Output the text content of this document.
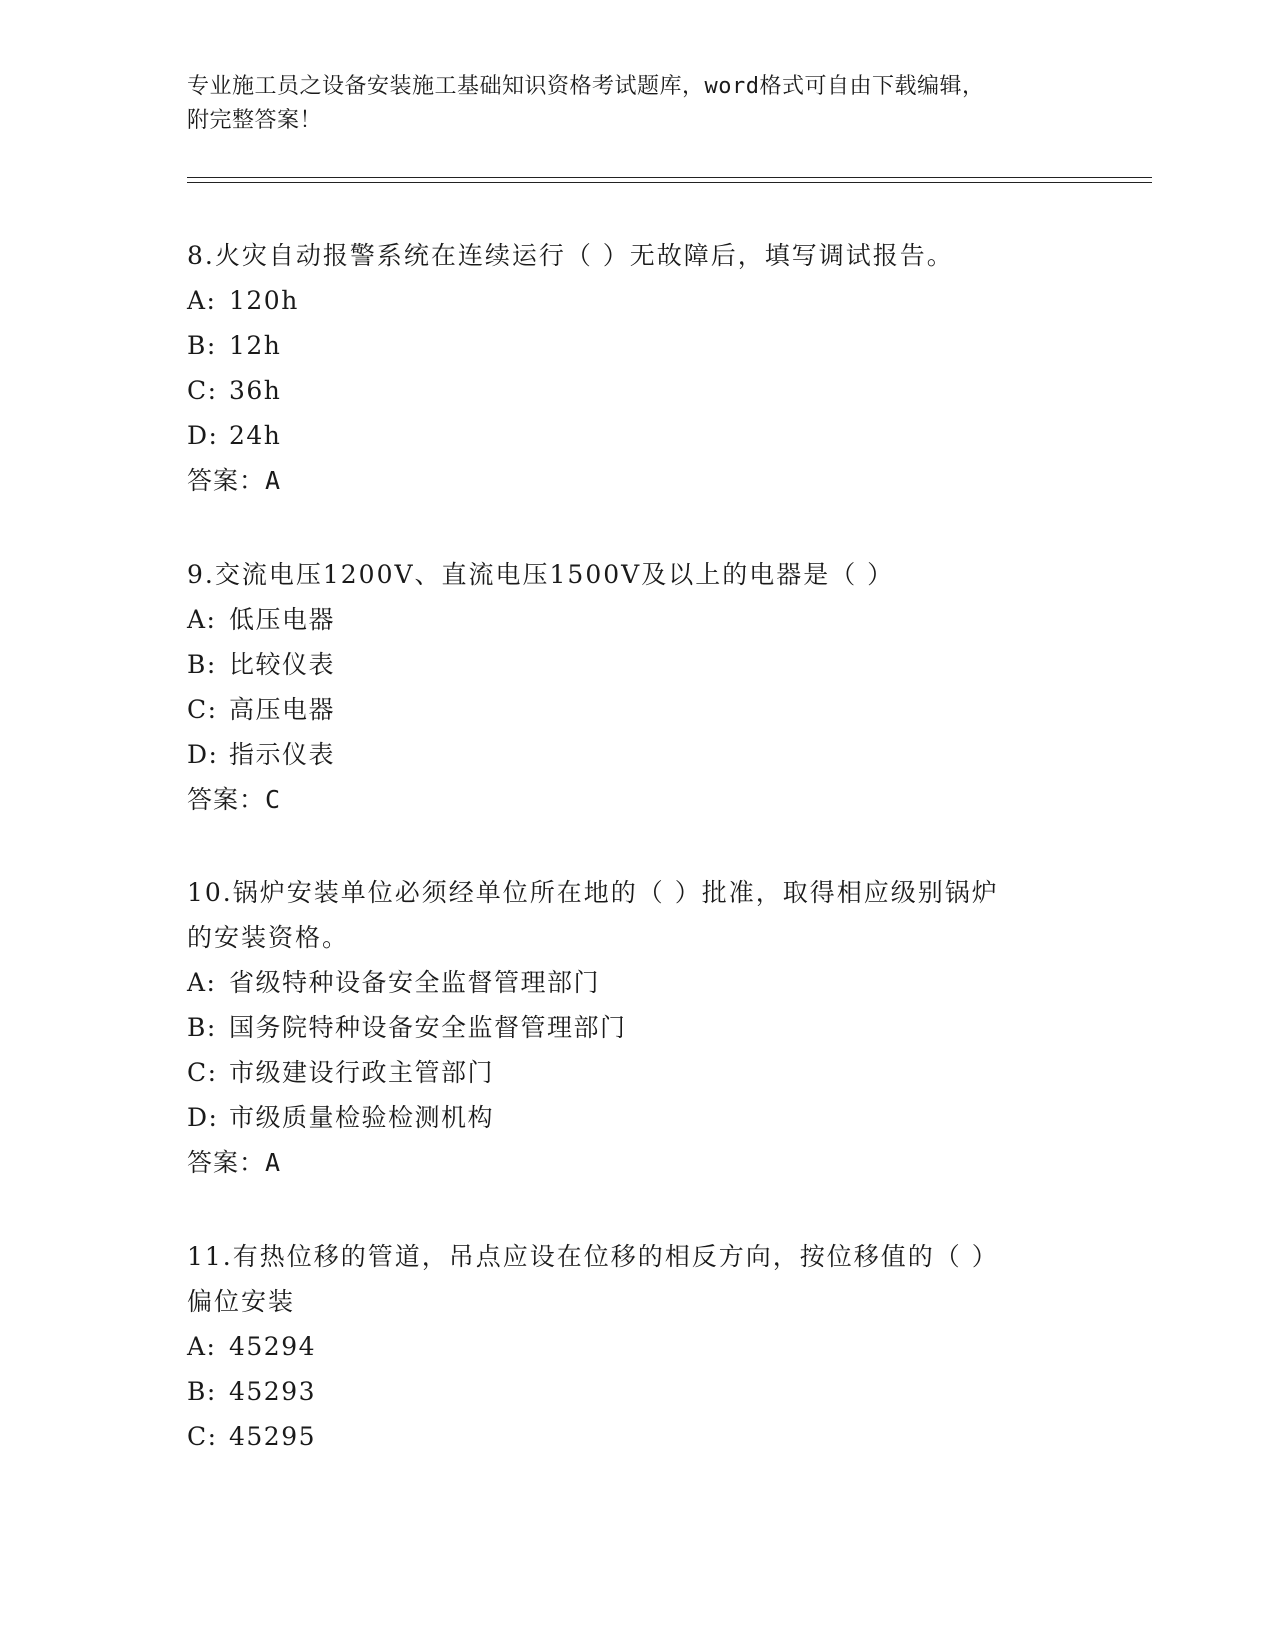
专业施工员之设备安装施工基础知识资格考试题库，word格式可自由下载编辑，
附完整答案！
8.火灾自动报警系统在连续运行（ ）无故障后，填写调试报告。
A: 120h
B: 12h
C: 36h
D: 24h
答案：A
9.交流电压1200V、直流电压1500V及以上的电器是（ ）
A: 低压电器
B: 比较仪表
C: 高压电器
D: 指示仪表
答案：C
10.锅炉安装单位必须经单位所在地的（ ）批准，取得相应级别锅炉
的安装资格。
A: 省级特种设备安全监督管理部门
B: 国务院特种设备安全监督管理部门
C: 市级建设行政主管部门
D: 市级质量检验检测机构
答案：A
11.有热位移的管道，吊点应设在位移的相反方向，按位移值的（ ）
偏位安装
A: 45294
B: 45293
C: 45295
